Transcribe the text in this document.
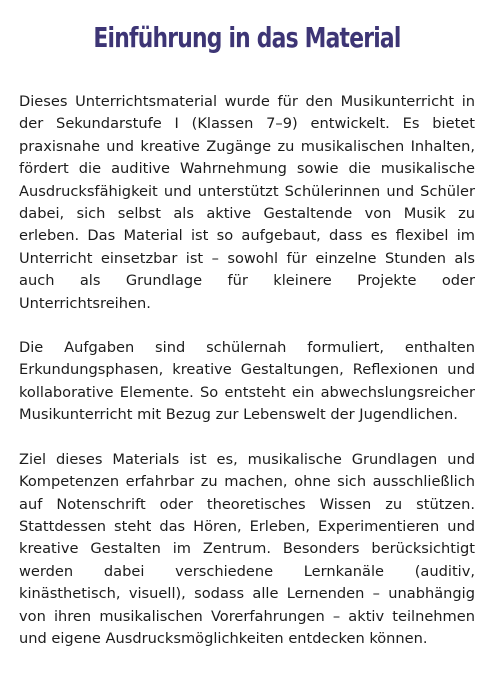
Einführung in das Material

Dieses Unterrichtsmaterial wurde für den Musikunterricht in der Sekundarstufe I (Klassen 7–9) entwickelt. Es bietet praxisnahe und kreative Zugänge zu musikalischen Inhalten, fördert die auditive Wahrnehmung sowie die musikalische Ausdrucksfähigkeit und unterstützt Schülerinnen und Schüler dabei, sich selbst als aktive Gestaltende von Musik zu erleben. Das Material ist so aufgebaut, dass es flexibel im Unterricht einsetzbar ist – sowohl für einzelne Stunden als auch als Grundlage für kleinere Projekte oder Unterrichtsreihen.

Die Aufgaben sind schülernah formuliert, enthalten Erkundungsphasen, kreative Gestaltungen, Reflexionen und kollaborative Elemente. So entsteht ein abwechslungsreicher Musikunterricht mit Bezug zur Lebenswelt der Jugendlichen.

Ziel dieses Materials ist es, musikalische Grundlagen und Kompetenzen erfahrbar zu machen, ohne sich ausschließlich auf Notenschrift oder theoretisches Wissen zu stützen. Stattdessen steht das Hören, Erleben, Experimentieren und kreative Gestalten im Zentrum. Besonders berücksichtigt werden dabei verschiedene Lernkanäle (auditiv, kinästhetisch, visuell), sodass alle Lernenden – unabhängig von ihren musikalischen Vorerfahrungen – aktiv teilnehmen und eigene Ausdrucksmöglichkeiten entdecken können.
